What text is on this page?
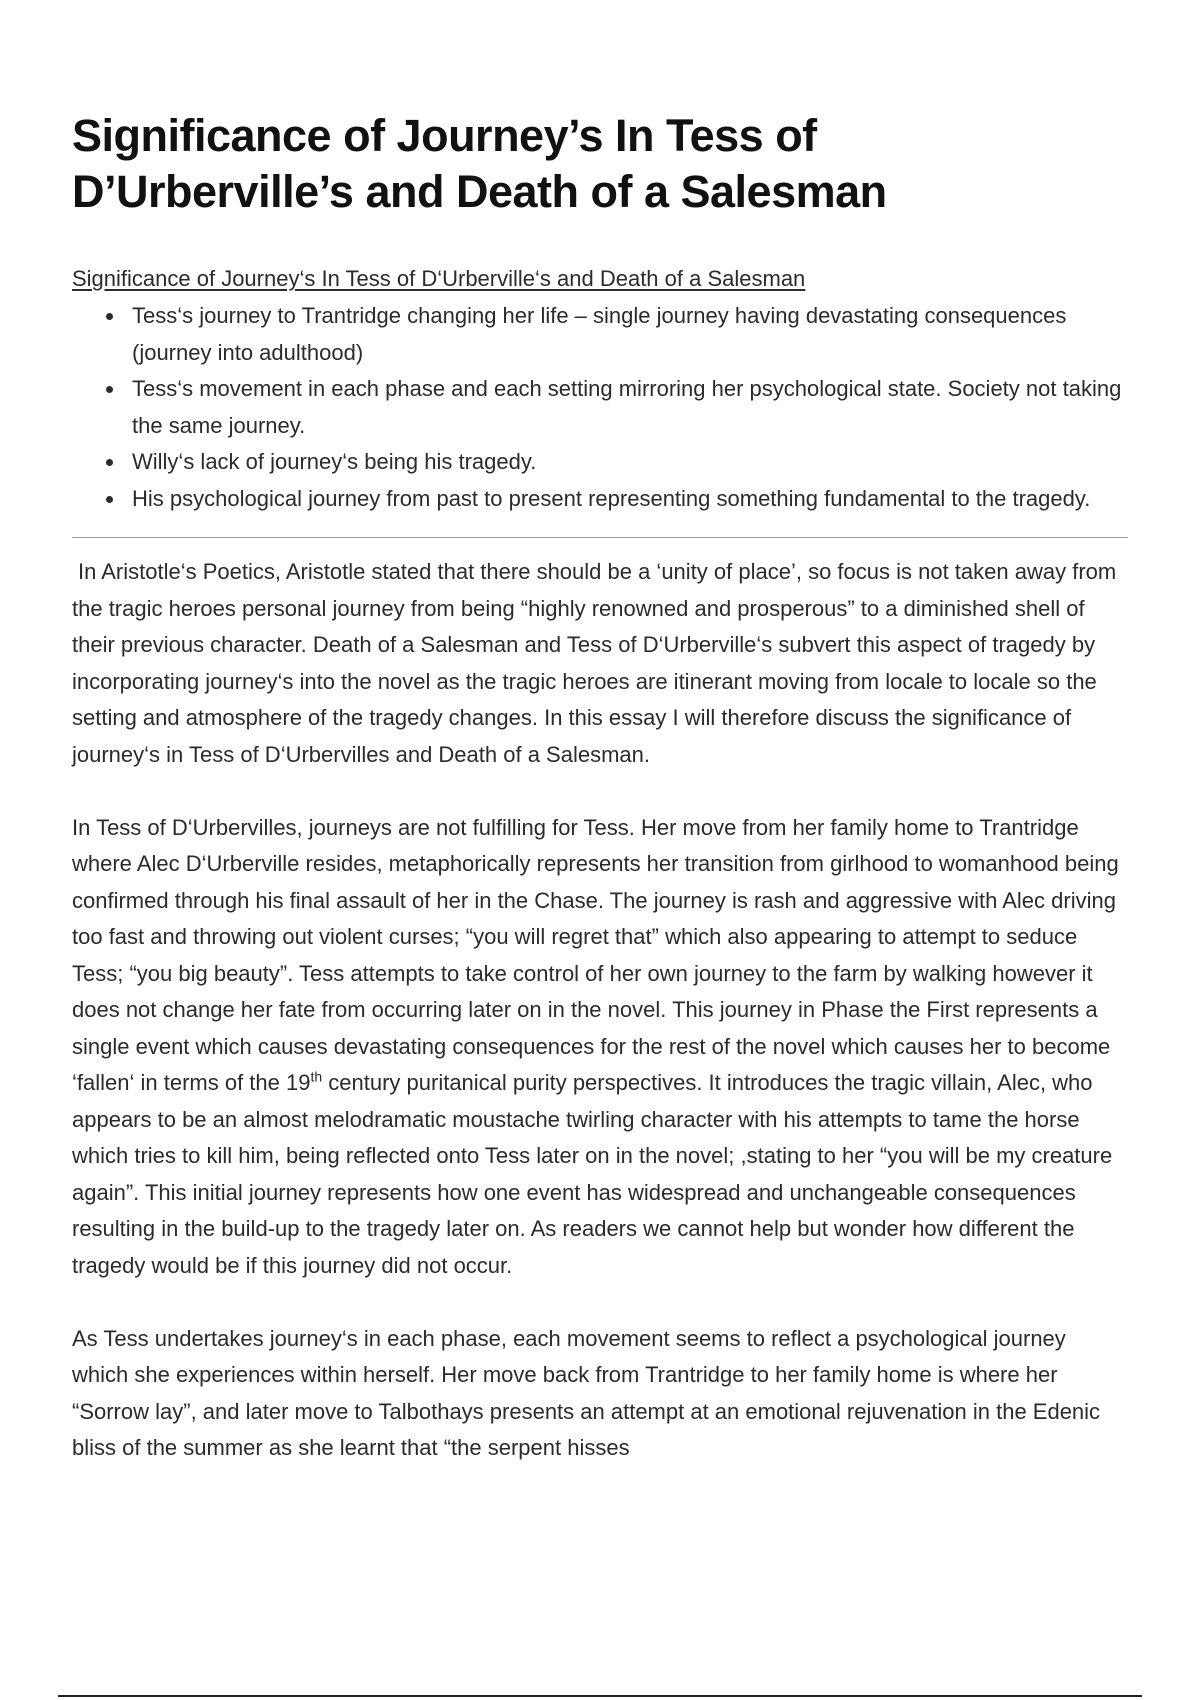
Significance of Journey’s In Tess of
D’Urberville’s and Death of a Salesman
Significance of Journey‘s In Tess of D‘Urberville‘s and Death of a Salesman
Tess‘s journey to Trantridge changing her life – single journey having devastating consequences (journey into adulthood)
Tess‘s movement in each phase and each setting mirroring her psychological state. Society not taking the same journey.
Willy‘s lack of journey‘s being his tragedy.
His psychological journey from past to present representing something fundamental to the tragedy.

In Aristotle‘s Poetics, Aristotle stated that there should be a ‘unity of place’, so focus is not taken away from the tragic heroes personal journey from being “highly renowned and prosperous” to a diminished shell of their previous character. Death of a Salesman and Tess of D‘Urberville‘s subvert this aspect of tragedy by incorporating journey‘s into the novel as the tragic heroes are itinerant moving from locale to locale so the setting and atmosphere of the tragedy changes. In this essay I will therefore discuss the significance of journey‘s in Tess of D‘Urbervilles and Death of a Salesman.

In Tess of D‘Urbervilles, journeys are not fulfilling for Tess. Her move from her family home to Trantridge where Alec D‘Urberville resides, metaphorically represents her transition from girlhood to womanhood being confirmed through his final assault of her in the Chase. The journey is rash and aggressive with Alec driving too fast and throwing out violent curses; “you will regret that” which also appearing to attempt to seduce Tess; “you big beauty”. Tess attempts to take control of her own journey to the farm by walking however it does not change her fate from occurring later on in the novel. This journey in Phase the First represents a single event which causes devastating consequences for the rest of the novel which causes her to become ‘fallen‘ in terms of the 19th century puritanical purity perspectives. It introduces the tragic villain, Alec, who appears to be an almost melodramatic moustache twirling character with his attempts to tame the horse which tries to kill him, being reflected onto Tess later on in the novel; ,stating to her “you will be my creature again”. This initial journey represents how one event has widespread and unchangeable consequences resulting in the build-up to the tragedy later on. As readers we cannot help but wonder how different the tragedy would be if this journey did not occur.

As Tess undertakes journey‘s in each phase, each movement seems to reflect a psychological journey which she experiences within herself. Her move back from Trantridge to her family home is where her “Sorrow lay”, and later move to Talbothays presents an attempt at an emotional rejuvenation in the Edenic bliss of the summer as she learnt that “the serpent hisses
